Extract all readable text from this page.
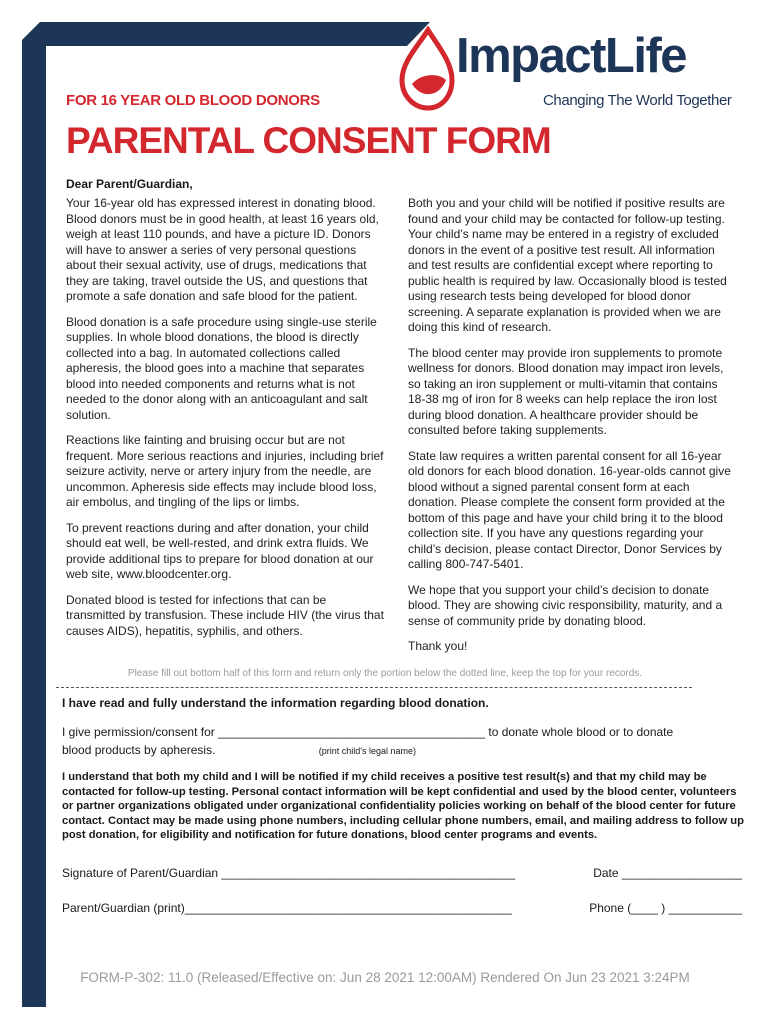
ImpactLife
Changing The World Together
FOR 16 YEAR OLD BLOOD DONORS
PARENTAL CONSENT FORM
Dear Parent/Guardian,

Your 16-year old has expressed interest in donating blood. Blood donors must be in good health, at least 16 years old, weigh at least 110 pounds, and have a picture ID. Donors will have to answer a series of very personal questions about their sexual activity, use of drugs, medications that they are taking, travel outside the US, and questions that promote a safe donation and safe blood for the patient.

Blood donation is a safe procedure using single-use sterile supplies. In whole blood donations, the blood is directly collected into a bag. In automated collections called apheresis, the blood goes into a machine that separates blood into needed components and returns what is not needed to the donor along with an anticoagulant and salt solution.

Reactions like fainting and bruising occur but are not frequent. More serious reactions and injuries, including brief seizure activity, nerve or artery injury from the needle, are uncommon. Apheresis side effects may include blood loss, air embolus, and tingling of the lips or limbs.

To prevent reactions during and after donation, your child should eat well, be well-rested, and drink extra fluids. We provide additional tips to prepare for blood donation at our web site, www.bloodcenter.org.

Donated blood is tested for infections that can be transmitted by transfusion. These include HIV (the virus that causes AIDS), hepatitis, syphilis, and others.

Both you and your child will be notified if positive results are found and your child may be contacted for follow-up testing. Your child’s name may be entered in a registry of excluded donors in the event of a positive test result. All information and test results are confidential except where reporting to public health is required by law. Occasionally blood is tested using research tests being developed for blood donor screening. A separate explanation is provided when we are doing this kind of research.

The blood center may provide iron supplements to promote wellness for donors. Blood donation may impact iron levels, so taking an iron supplement or multi-vitamin that contains 18-38 mg of iron for 8 weeks can help replace the iron lost during blood donation. A healthcare provider should be consulted before taking supplements.

State law requires a written parental consent for all 16-year old donors for each blood donation. 16-year-olds cannot give blood without a signed parental consent form at each donation. Please complete the consent form provided at the bottom of this page and have your child bring it to the blood collection site. If you have any questions regarding your child’s decision, please contact Director, Donor Services by calling 800-747-5401.

We hope that you support your child’s decision to donate blood. They are showing civic responsibility, maturity, and a sense of community pride by donating blood.

Thank you!

Please fill out bottom half of this form and return only the portion below the dotted line, keep the top for your records.
I have read and fully understand the information regarding blood donation.
I give permission/consent for ________________________________________ to donate whole blood or to donate
blood products by apheresis.	(print child's legal name)
I understand that both my child and I will be notified if my child receives a positive test result(s) and that my child may be contacted for follow-up testing. Personal contact information will be kept confidential and used by the blood center, volunteers or partner organizations obligated under organizational confidentiality policies working on behalf of the blood center for future contact. Contact may be made using phone numbers, including cellular phone numbers, email, and mailing address to follow up post donation, for eligibility and notification for future donations, blood center programs and events.
Signature of Parent/Guardian ____________________________________________	Date __________________
Parent/Guardian (print)_________________________________________________	Phone (____ ) ___________
FORM-P-302: 11.0 (Released/Effective on: Jun 28 2021 12:00AM) Rendered On Jun 23 2021 3:24PM
